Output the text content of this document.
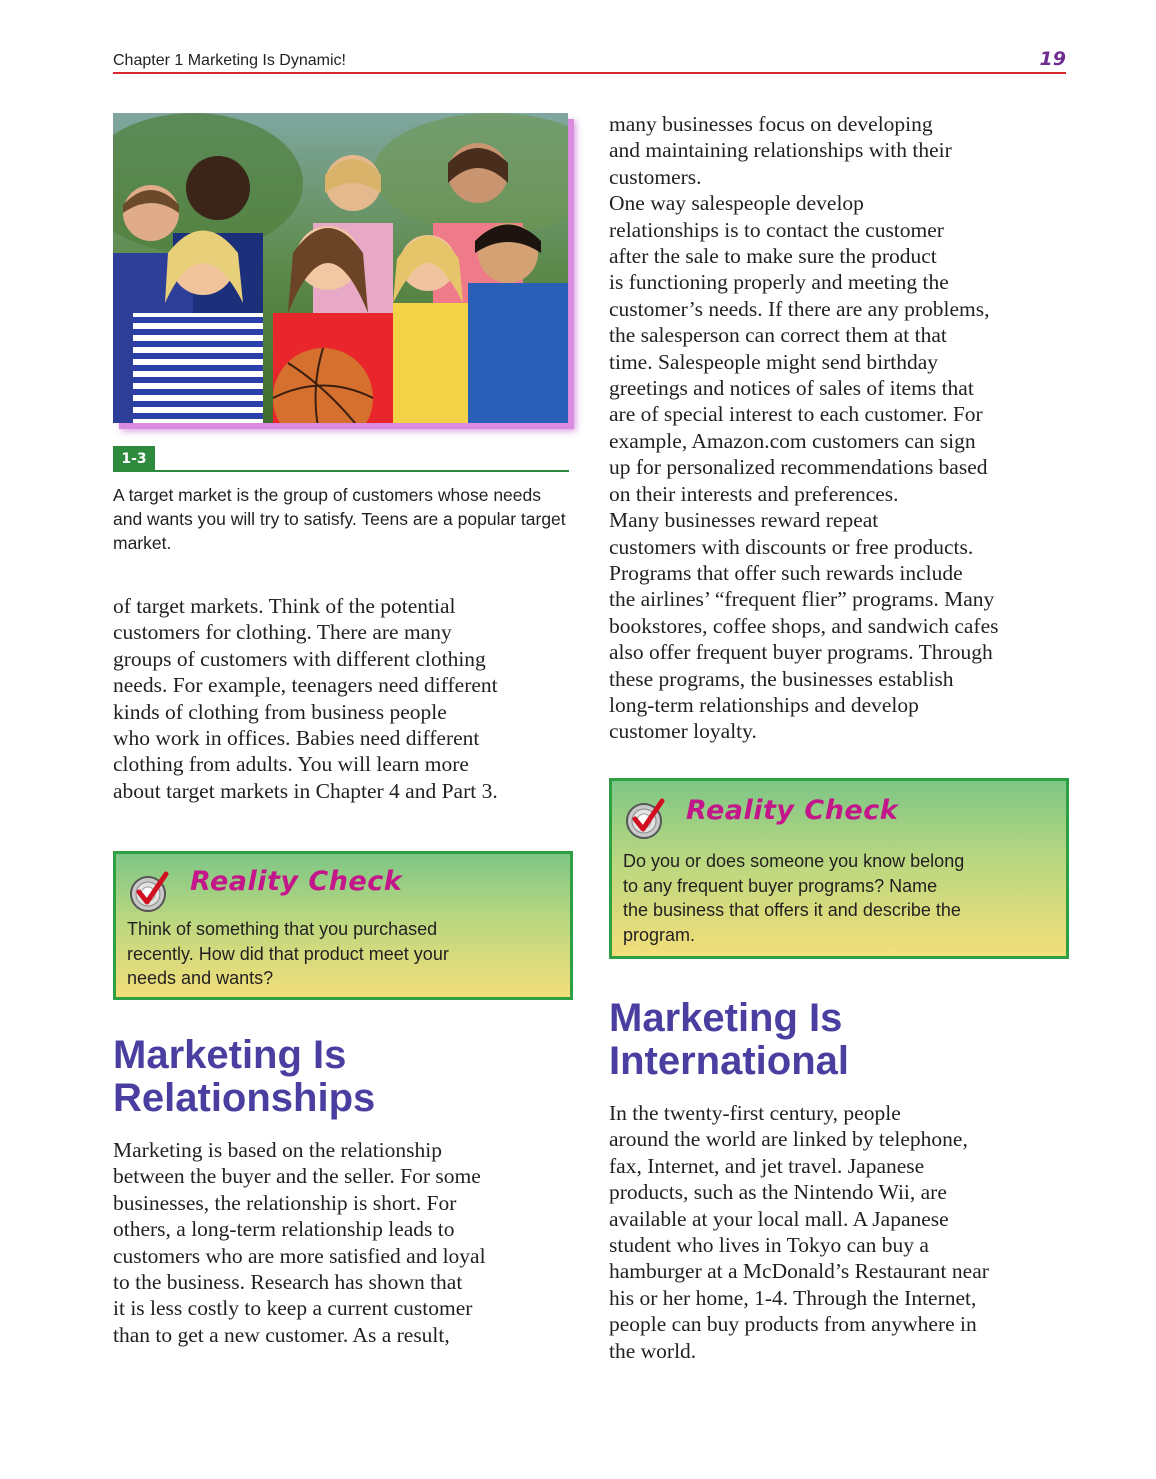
Chapter 1 Marketing Is Dynamic!	19
1-3
A target market is the group of customers whose needs and wants you will try to satisfy. Teens are a popular target market.
of target markets. Think of the potential
customers for clothing. There are many
groups of customers with different clothing
needs. For example, teenagers need different
kinds of clothing from business people
who work in offices. Babies need different
clothing from adults. You will learn more
about target markets in Chapter 4 and Part 3.
Reality Check
Think of something that you purchased
recently. How did that product meet your
needs and wants?
Marketing Is
Relationships
Marketing is based on the relationship
between the buyer and the seller. For some
businesses, the relationship is short. For
others, a long-term relationship leads to
customers who are more satisfied and loyal
to the business. Research has shown that
it is less costly to keep a current customer
than to get a new customer. As a result,
many businesses focus on developing
and maintaining relationships with their
customers.
One way salespeople develop
relationships is to contact the customer
after the sale to make sure the product
is functioning properly and meeting the
customer’s needs. If there are any problems,
the salesperson can correct them at that
time. Salespeople might send birthday
greetings and notices of sales of items that
are of special interest to each customer. For
example, Amazon.com customers can sign
up for personalized recommendations based
on their interests and preferences.
Many businesses reward repeat
customers with discounts or free products.
Programs that offer such rewards include
the airlines’ “frequent flier” programs. Many
bookstores, coffee shops, and sandwich cafes
also offer frequent buyer programs. Through
these programs, the businesses establish
long-term relationships and develop
customer loyalty.
Reality Check
Do you or does someone you know belong
to any frequent buyer programs? Name
the business that offers it and describe the
program.
Marketing Is
International
In the twenty-first century, people
around the world are linked by telephone,
fax, Internet, and jet travel. Japanese
products, such as the Nintendo Wii, are
available at your local mall. A Japanese
student who lives in Tokyo can buy a
hamburger at a McDonald’s Restaurant near
his or her home, 1-4. Through the Internet,
people can buy products from anywhere in
the world.
